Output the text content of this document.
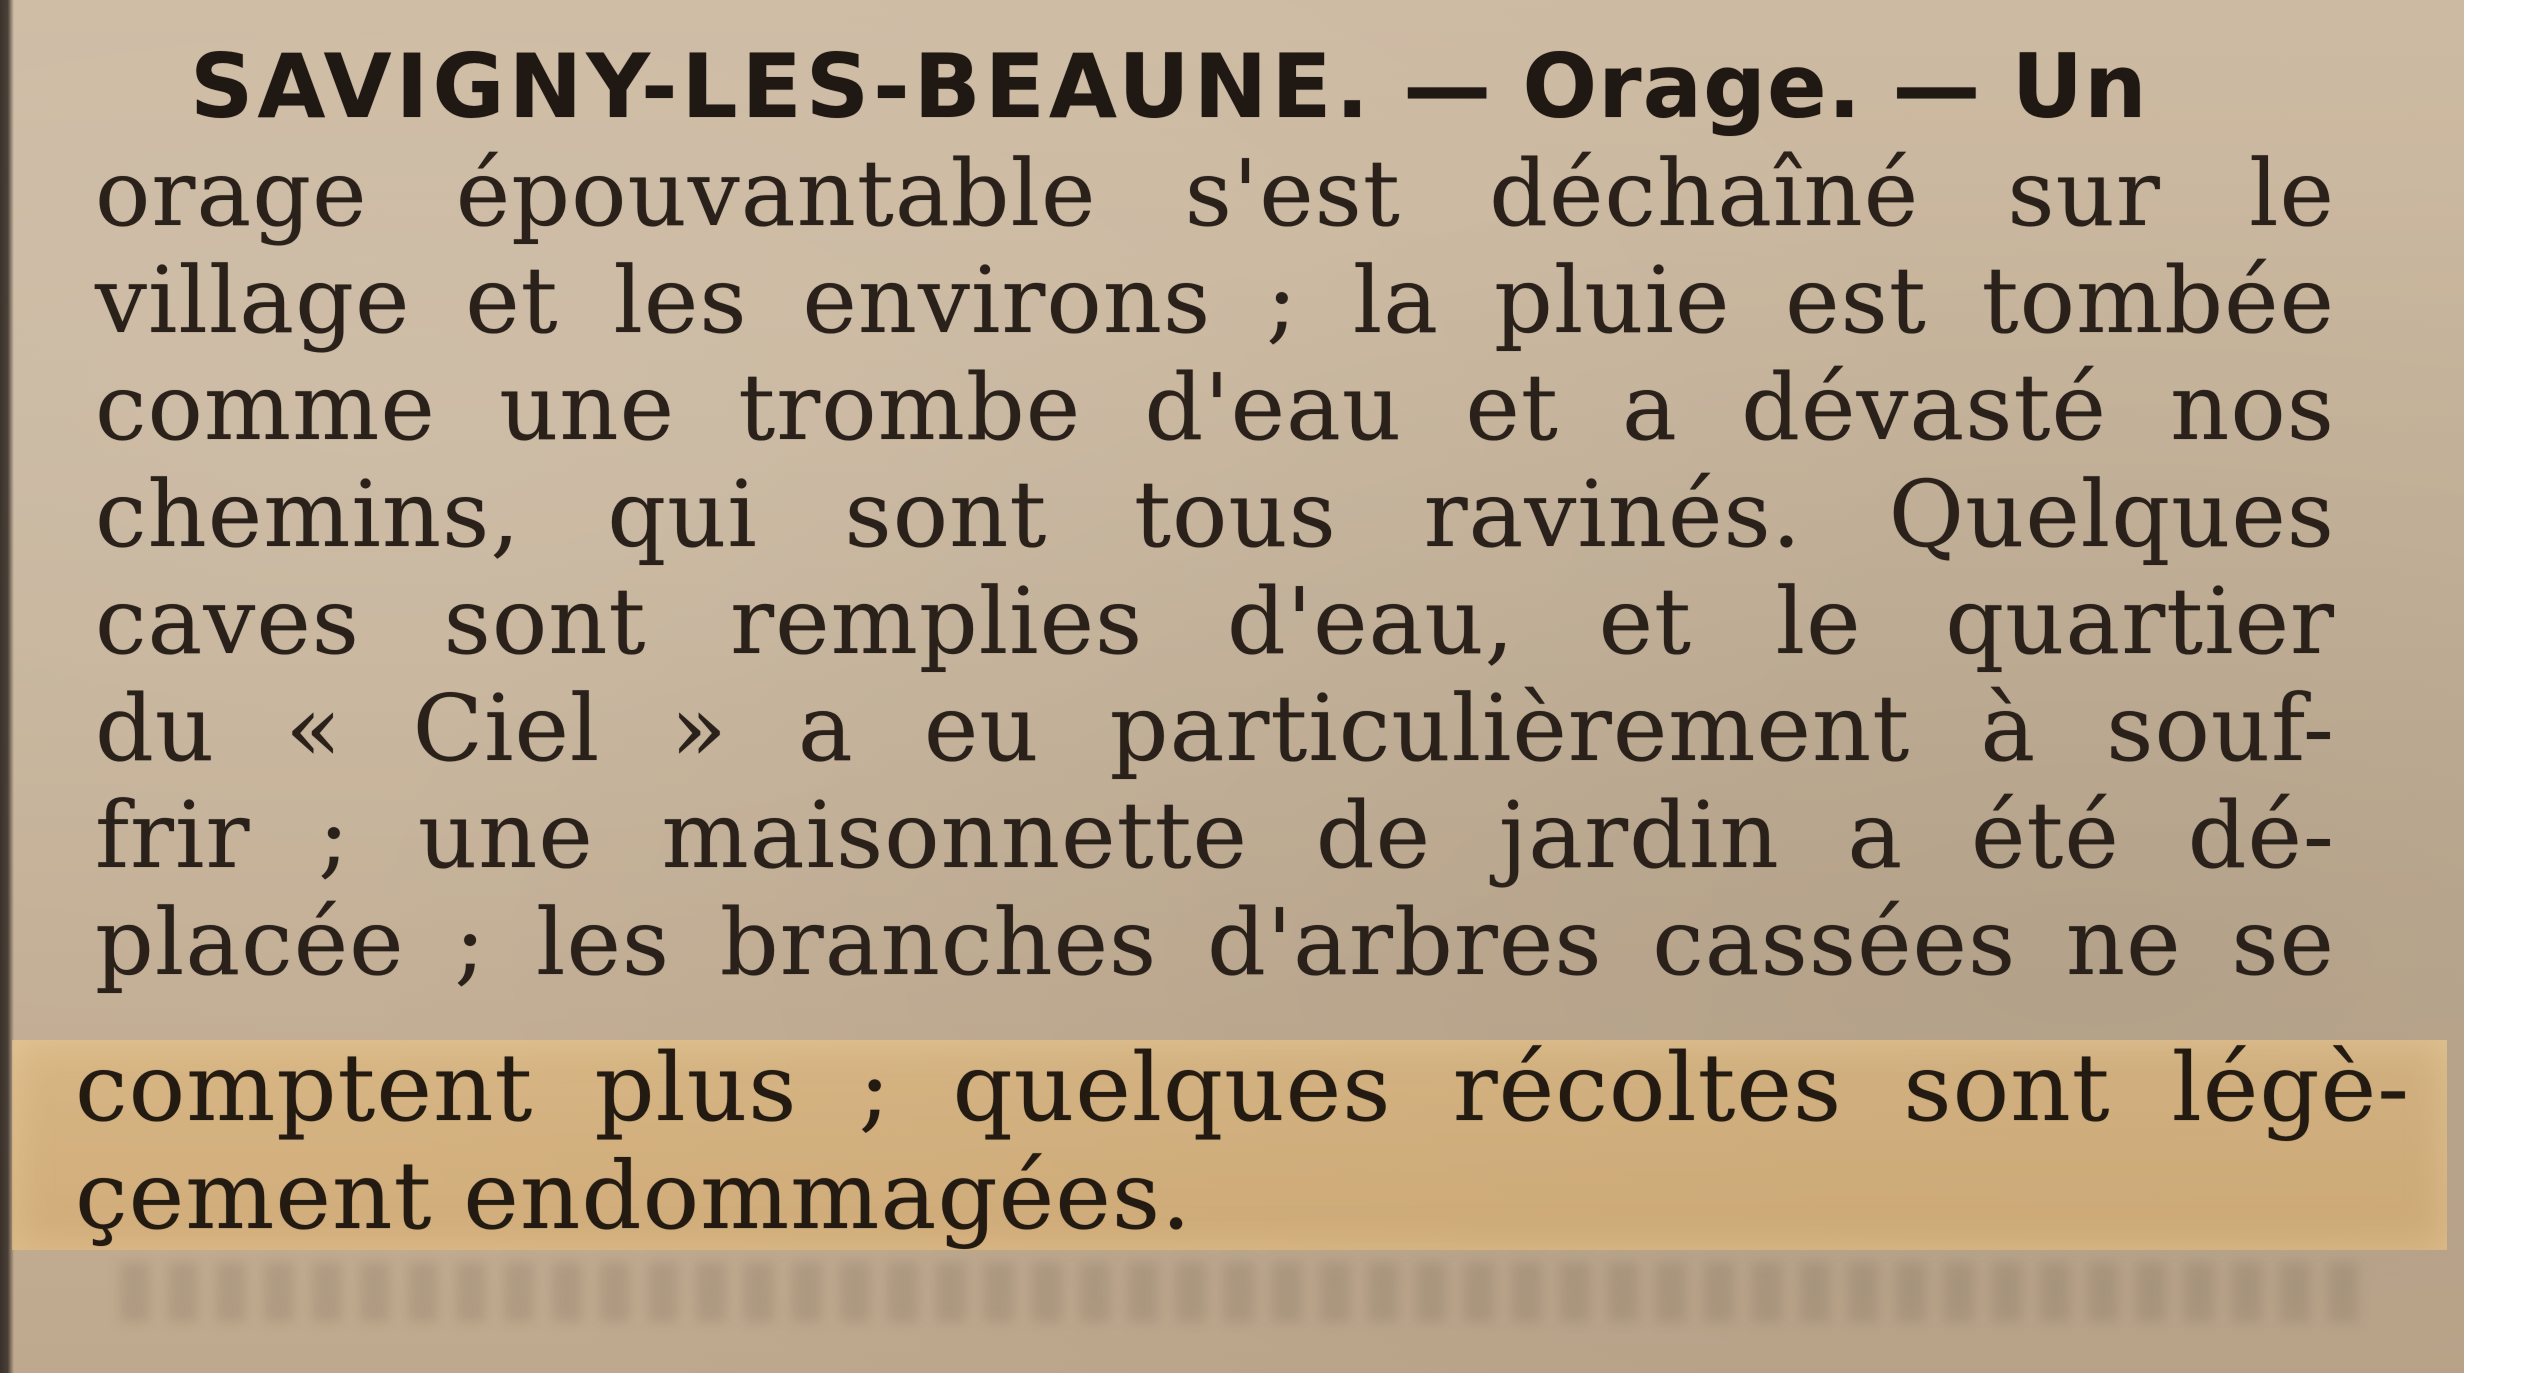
SAVIGNY-LES-BEAUNE. — Orage. — Un
orage épouvantable s'est déchaîné sur le
village et les environs ; la pluie est tombée
comme une trombe d'eau et a dévasté nos
chemins, qui sont tous ravinés. Quelques
caves sont remplies d'eau, et le quartier
du « Ciel » a eu particulièrement à souf-
frir ; une maisonnette de jardin a été dé-
placée ; les branches d'arbres cassées ne se
comptent plus ; quelques récoltes sont légè-
çement endommagées.
